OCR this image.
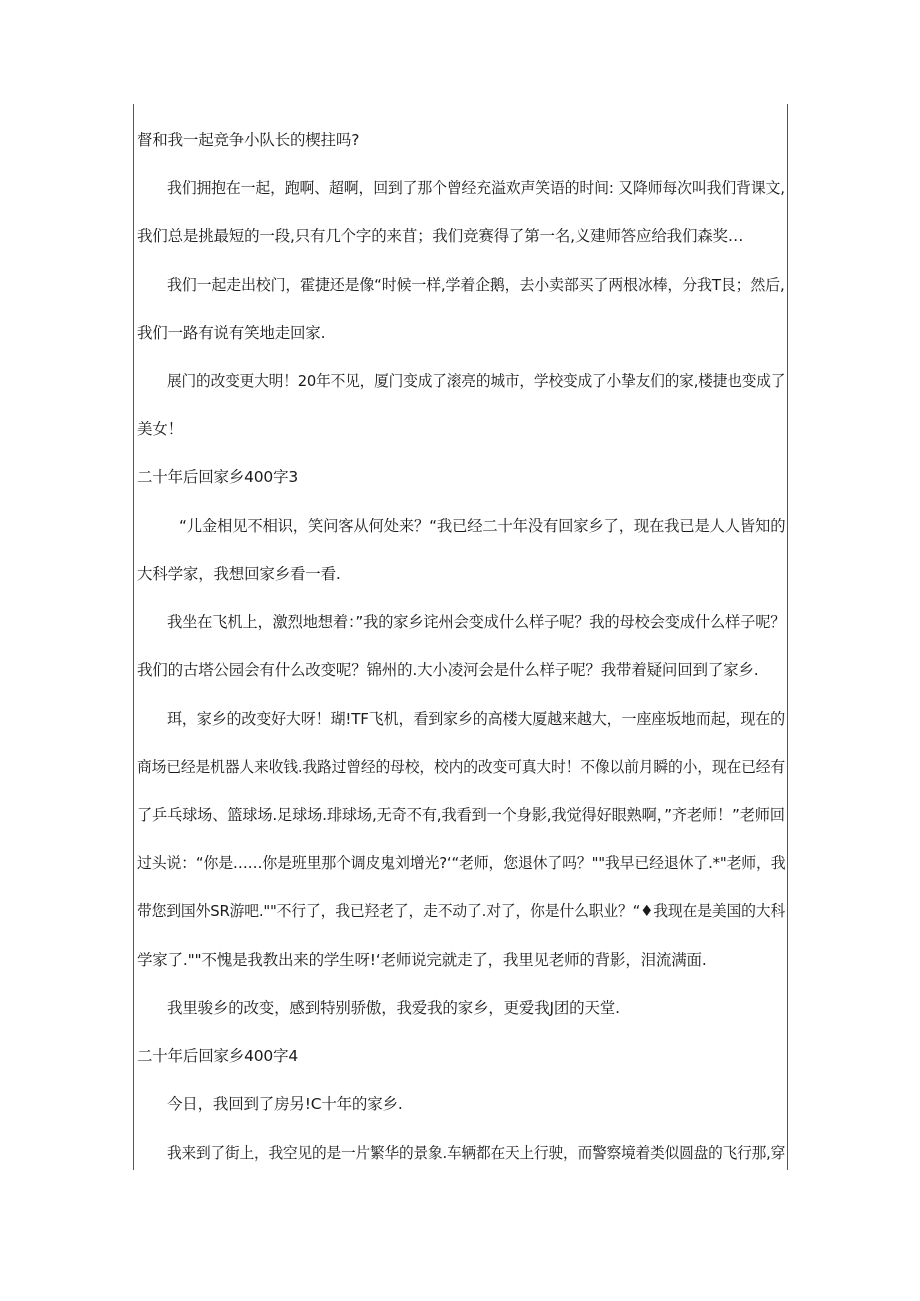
督和我一起竞争小队长的楔拄吗?
我们拥抱在一起，跑啊、超啊，回到了那个曾经充溢欢声笑语的时间: 又降师每次叫我们背课文,
我们总是挑最短的一段,只有几个字的来苜；我们竞赛得了第一名,义建师答应给我们森奖…
我们一起走出校门，霍捷还是像“时候一样,学着企鹅，去小卖部买了两根冰棒，分我T艮；然后,
我们一路有说有笑地走回家.
展门的改变更大明！20年不见，厦门变成了滚亮的城市，学校变成了小挚友们的家,楼捷也变成了
美女！
二十年后回家乡400字3
“儿金相见不相识，笑问客从何处来？“我已经二十年没有回家乡了，现在我已是人人皆知的
大科学家，我想回家乡看一看.
我坐在飞机上，激烈地想着：”我的家乡诧州会变成什么样子呢？我的母校会变成什么样子呢？
我们的古塔公园会有什么改变呢？锦州的.大小凌河会是什么样子呢？我带着疑问回到了家乡.
珥，家乡的改变好大呀！瑚!TF飞机，看到家乡的高楼大厦越来越大，一座座坂地而起，现在的
商场已经是机器人来收钱.我路过曾经的母校，校内的改变可真大时！不像以前月瞬的小，现在已经有
了乒乓球场、篮球场.足球场.琲球场,无奇不有,我看到一个身影,我觉得好眼熟啊，”齐老师！”老师回
过头说：“你是……你是班里那个调皮鬼刘增光?‘“老师，您退休了吗？""我早已经退休了.*"老师，我
带您到国外SR游吧.""不行了，我已羟老了，走不动了.对了，你是什么职业？“♦我现在是美国的大科
学家了.""不愧是我教出来的学生呀!‘老师说完就走了，我里见老师的背影，泪流满面.
我里骏乡的改变，感到特别骄傲，我爱我的家乡，更爱我J团的天堂.
二十年后回家乡400字4
今日，我回到了房另!C十年的家乡.
我来到了街上，我空见的是一片繁华的景象.车辆都在天上行驶，而警察境着类似圆盘的飞行那,穿
